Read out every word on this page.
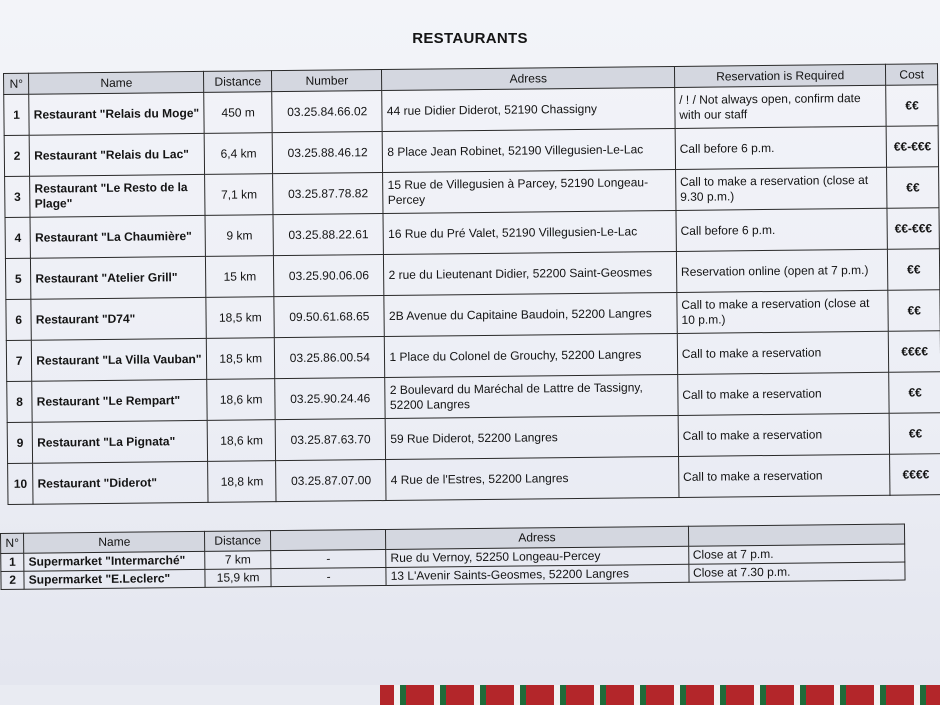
RESTAURANTS
N°	Name	Distance	Number	Adress	Reservation is Required	Cost
1	Restaurant "Relais du Moge"	450 m	03.25.84.66.02	44 rue Didier Diderot, 52190 Chassigny	/ ! / Not always open, confirm date with our staff	€€
2	Restaurant "Relais du Lac"	6,4 km	03.25.88.46.12	8 Place Jean Robinet, 52190 Villegusien-Le-Lac	Call before 6 p.m.	€€-€€€
3	Restaurant "Le Resto de la Plage"	7,1 km	03.25.87.78.82	15 Rue de Villegusien à Parcey, 52190 Longeau-Percey	Call to make a reservation (close at 9.30 p.m.)	€€
4	Restaurant "La Chaumière"	9 km	03.25.88.22.61	16 Rue du Pré Valet, 52190 Villegusien-Le-Lac	Call before 6 p.m.	€€-€€€
5	Restaurant "Atelier Grill"	15 km	03.25.90.06.06	2 rue du Lieutenant Didier, 52200 Saint-Geosmes	Reservation online (open at 7 p.m.)	€€
6	Restaurant "D74"	18,5 km	09.50.61.68.65	2B Avenue du Capitaine Baudoin, 52200 Langres	Call to make a reservation (close at 10 p.m.)	€€
7	Restaurant "La Villa Vauban"	18,5 km	03.25.86.00.54	1 Place du Colonel de Grouchy, 52200 Langres	Call to make a reservation	€€€€
8	Restaurant "Le Rempart"	18,6 km	03.25.90.24.46	2 Boulevard du Maréchal de Lattre de Tassigny, 52200 Langres	Call to make a reservation	€€
9	Restaurant "La Pignata"	18,6 km	03.25.87.63.70	59 Rue Diderot, 52200 Langres	Call to make a reservation	€€
10	Restaurant "Diderot"	18,8 km	03.25.87.07.00	4 Rue de l'Estres, 52200 Langres	Call to make a reservation	€€€€
N°	Name	Distance		Adress	
1	Supermarket "Intermarché"	7 km	-	Rue du Vernoy, 52250 Longeau-Percey	Close at 7 p.m.
2	Supermarket "E.Leclerc"	15,9 km	-	13 L'Avenir Saints-Geosmes, 52200 Langres	Close at 7.30 p.m.
